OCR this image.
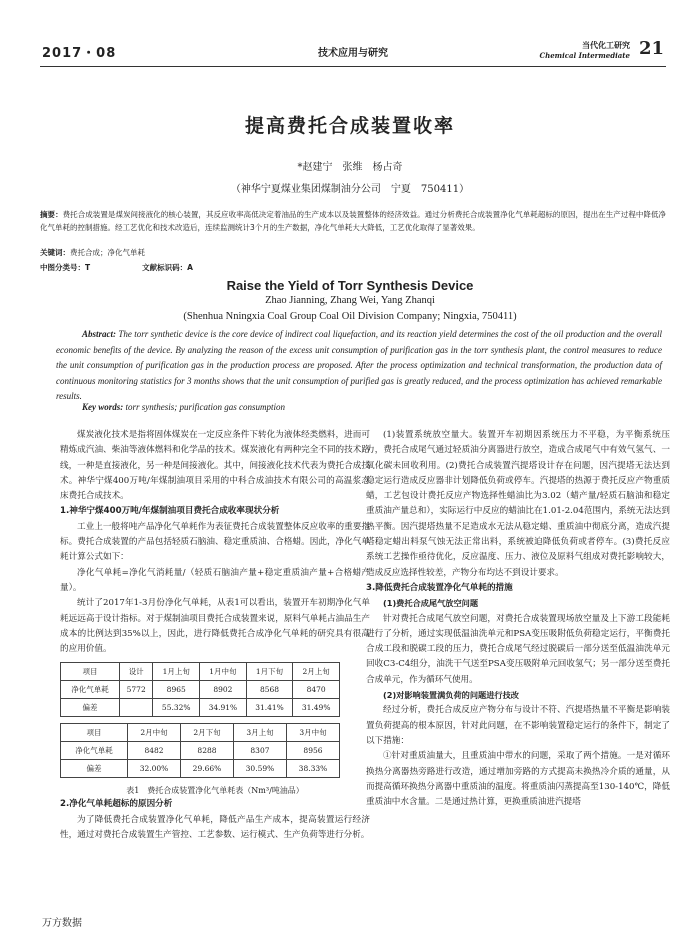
2017・08	技术应用与研究
当代化工研究
Chemical Intermediate 21
提高费托合成装置收率
*赵建宁　张维　杨占奇
（神华宁夏煤业集团煤制油分公司　宁夏　750411）
摘要：费托合成装置是煤炭间接液化的核心装置，其反应收率高低决定着油品的生产成本以及装置整体的经济效益。通过分析费托合成装置净化气单耗超标的原因，提出在生产过程中降低净化气单耗的控制措施。经工艺优化和技术改造后，连续监测统计3个月的生产数据，净化气单耗大大降低，工艺优化取得了显著效果。
关键词：费托合成；净化气单耗
中图分类号：T	文献标识码：A
Raise the Yield of Torr Synthesis Device
Zhao Jianning, Zhang Wei, Yang Zhanqi
(Shenhua Nningxia Coal Group Coal Oil Division Company; Ningxia, 750411)
Abstract: The torr synthetic device is the core device of indirect coal liquefaction, and its reaction yield determines the cost of the oil production and the overall economic benefits of the device. By analyzing the reason of the excess unit consumption of purification gas in the torr synthesis plant, the control measures to reduce the unit consumption of purification gas in the production process are proposed. After the process optimization and technical transformation, the production data of continuous monitoring statistics for 3 months shows that the unit consumption of purified gas is greatly reduced, and the process optimization has achieved remarkable results.
Key words: torr synthesis; purification gas consumption

煤炭液化技术是指将固体煤炭在一定反应条件下转化为液体经类燃料，进而可精炼成汽油、柴油等液体燃料和化学品的技术。煤炭液化有两种完全不同的技术路线，一种是直接液化，另一种是间接液化。其中，间接液化技术代表为费托合成技术。神华宁煤400万吨/年煤制油项目采用的中科合成油技术有限公司的高温浆态床费托合成技术。

1.神华宁煤400万吨/年煤制油项目费托合成收率现状分析

工业上一般将吨产品净化气单耗作为表征费托合成装置整体反应收率的重要指标。费托合成装置的产品包括轻质石脑油、稳定重质油、合格蜡。因此，净化气单耗计算公式如下：

净化气单耗=净化气消耗量/（轻质石脑油产量+稳定重质油产量+合格蜡产量）。

统计了2017年1-3月份净化气单耗，从表1可以看出，装置开车初期净化气单耗远远高于设计指标。对于煤制油项目费托合成装置来说，原料气单耗占油品生产成本的比例达到35%以上，因此，进行降低费托合成净化气单耗的研究具有很高的应用价值。

项目	设计	1月上旬	1月中旬	1月下旬	2月上旬
净化气单耗	5772	8965	8902	8568	8470
偏差		55.32%	34.91%	31.41%	31.49%
项目	2月中旬	2月下旬	3月上旬	3月中旬
净化气单耗	8482	8288	8307	8956
偏差	32.00%	29.66%	30.59%	38.33%
表1　费托合成装置净化气单耗表（Nm³/吨油品）
2.净化气单耗超标的原因分析

为了降低费托合成装置净化气单耗，降低产品生产成本，提高装置运行经济性，通过对费托合成装置生产管控、工艺参数、运行模式、生产负荷等进行分析。

(1)装置系统放空量大。装置开车初期因系统压力不平稳，为平衡系统压力，费托合成尾气通过轻质油分离器进行放空，造成合成尾气中有效气氢气、一氧化碳未回收利用。(2)费托合成装置汽提塔设计存在问题，因汽提塔无法达到稳定运行造成反应器非计划降低负荷或停车。汽提塔的热源于费托反应产物重质蜡，工艺包设计费托反应产物选择性蜡油比为3.02（蜡产量/轻质石脑油和稳定重质油产量总和），实际运行中反应的蜡油比在1.01-2.04范围内，系统无法达到热平衡。因汽提塔热量不足造成水无法从稳定蜡、重质油中彻底分离，造成汽提塔稳定蜡出料泵气蚀无法正常出料，系统被迫降低负荷或者停车。(3)费托反应系统工艺操作亟待优化，反应温度、压力、液位及原料气组成对费托影响较大，造成反应选择性较差，产物分布均达不到设计要求。

3.降低费托合成装置净化气单耗的措施
(1)费托合成尾气放空问题

针对费托合成尾气放空问题，对费托合成装置现场放空量及上下游工段能耗进行了分析，通过实现低温油洗单元和PSA变压吸附低负荷稳定运行，平衡费托合成工段和脱碳工段的压力，费托合成尾气经过脱碳后一部分送至低温油洗单元回收C3-C4组分，油洗干气送至PSA变压吸附单元回收氢气；另一部分送至费托合成单元，作为循环气使用。

(2)对影响装置满负荷的问题进行技改

经过分析，费托合成反应产物分布与设计不符、汽提塔热量不平衡是影响装置负荷提高的根本原因，针对此问题，在不影响装置稳定运行的条件下，制定了以下措施：

①针对重质油量大，且重质油中带水的问题，采取了两个措施。一是对循环换热分离器热旁路进行改造，通过增加旁路的方式提高未换热冷介质的通量，从而提高循环换热分离器中重质油的温度。将重质油闪蒸提高至130-140℃，降低重质油中水含量。二是通过热计算，更换重质油进汽提塔

万方数据
